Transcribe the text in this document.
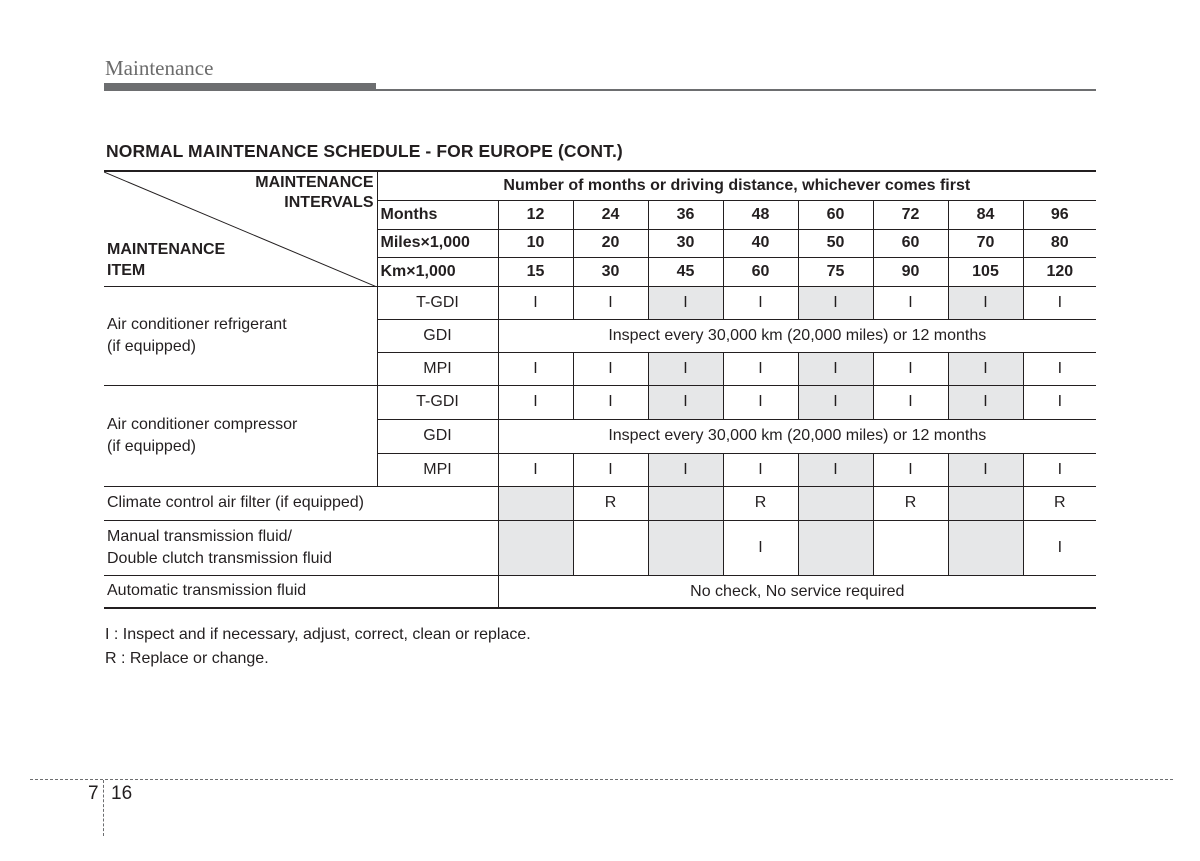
Maintenance
NORMAL MAINTENANCE SCHEDULE - FOR EUROPE (CONT.)
MAINTENANCE
INTERVALS
MAINTENANCE
ITEM	Number of months or driving distance, whichever comes first								
	Months	12	24	36	48	60	72	84	96
	Miles×1,000	10	20	30	40	50	60	70	80
	Km×1,000	15	30	45	60	75	90	105	120

Air conditioner refrigerant
(if equipped)	T-GDI	I	I	I	I	I	I	I	I
	GDI	Inspect every 30,000 km (20,000 miles) or 12 months							
	MPI	I	I	I	I	I	I	I	I

Air conditioner compressor
(if equipped)	T-GDI	I	I	I	I	I	I	I	I
	GDI	Inspect every 30,000 km (20,000 miles) or 12 months							
	MPI	I	I	I	I	I	I	I	I
Climate control air filter (if equipped)			R		R		R		R

Manual transmission fluid/
Double clutch transmission fluid					I				I
Automatic transmission fluid		No check, No service required							
I : Inspect and if necessary, adjust, correct, clean or replace.
R : Replace or change.
7 16
